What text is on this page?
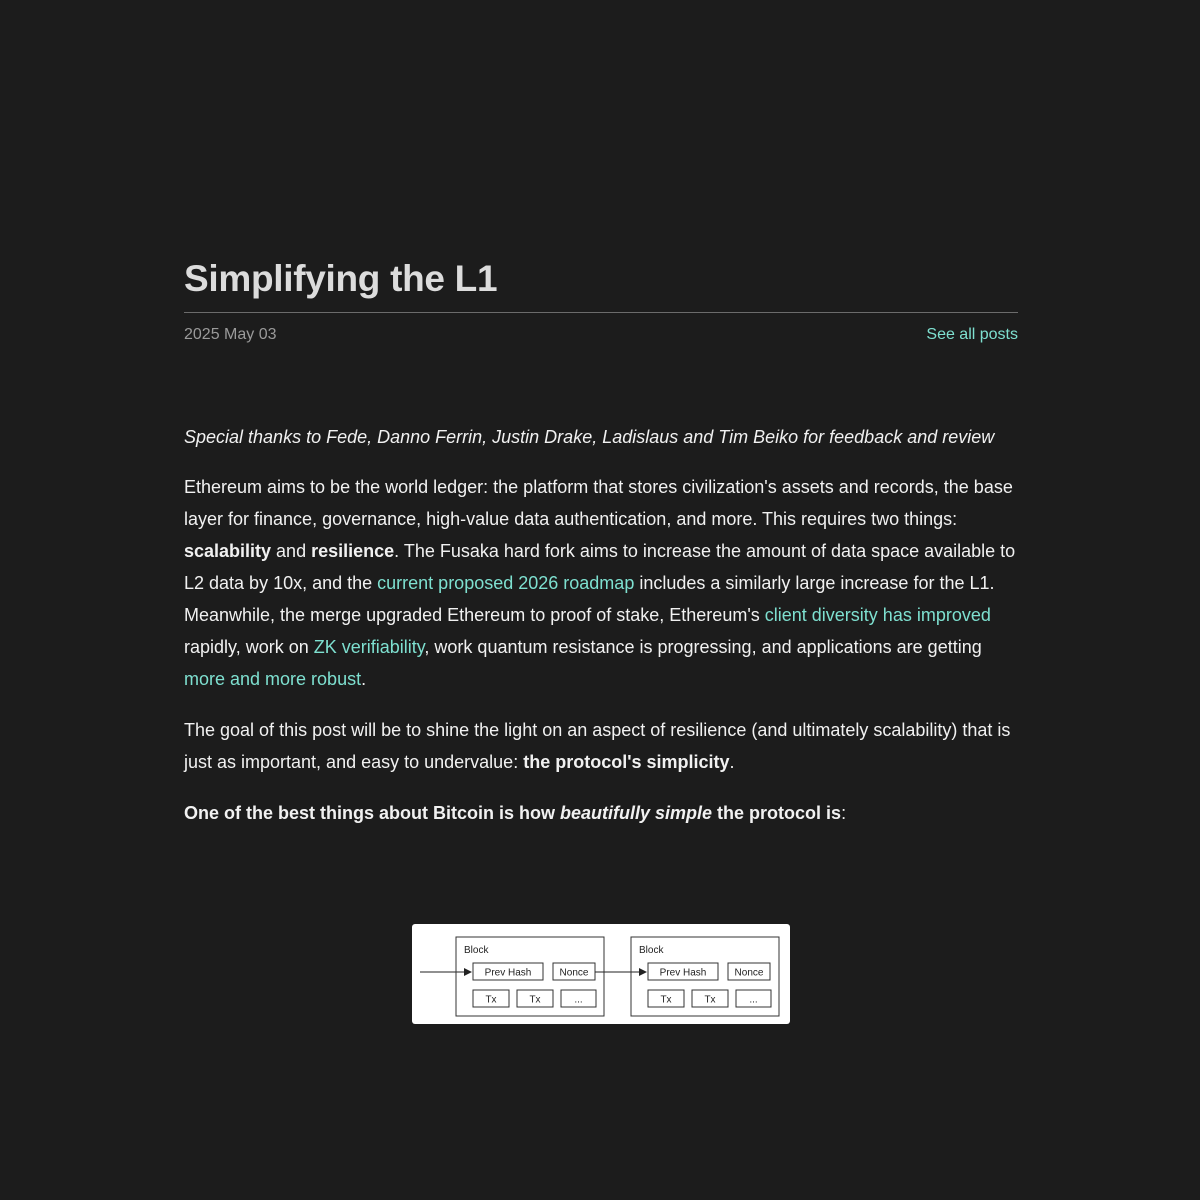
Simplifying the L1
2025 May 03	See all posts

Special thanks to Fede, Danno Ferrin, Justin Drake, Ladislaus and Tim Beiko for feedback and review

Ethereum aims to be the world ledger: the platform that stores civilization's assets and records, the base layer for finance, governance, high-value data authentication, and more. This requires two things: scalability and resilience. The Fusaka hard fork aims to increase the amount of data space available to L2 data by 10x, and the current proposed 2026 roadmap includes a similarly large increase for the L1. Meanwhile, the merge upgraded Ethereum to proof of stake, Ethereum's client diversity has improved rapidly, work on ZK verifiability, work quantum resistance is progressing, and applications are getting more and more robust.

The goal of this post will be to shine the light on an aspect of resilience (and ultimately scalability) that is just as important, and easy to undervalue: the protocol's simplicity.

One of the best things about Bitcoin is how beautifully simple the protocol is:

Block
Prev Hash	Nonce
Tx	Tx	...
Block
Prev Hash	Nonce
Tx	Tx	...
